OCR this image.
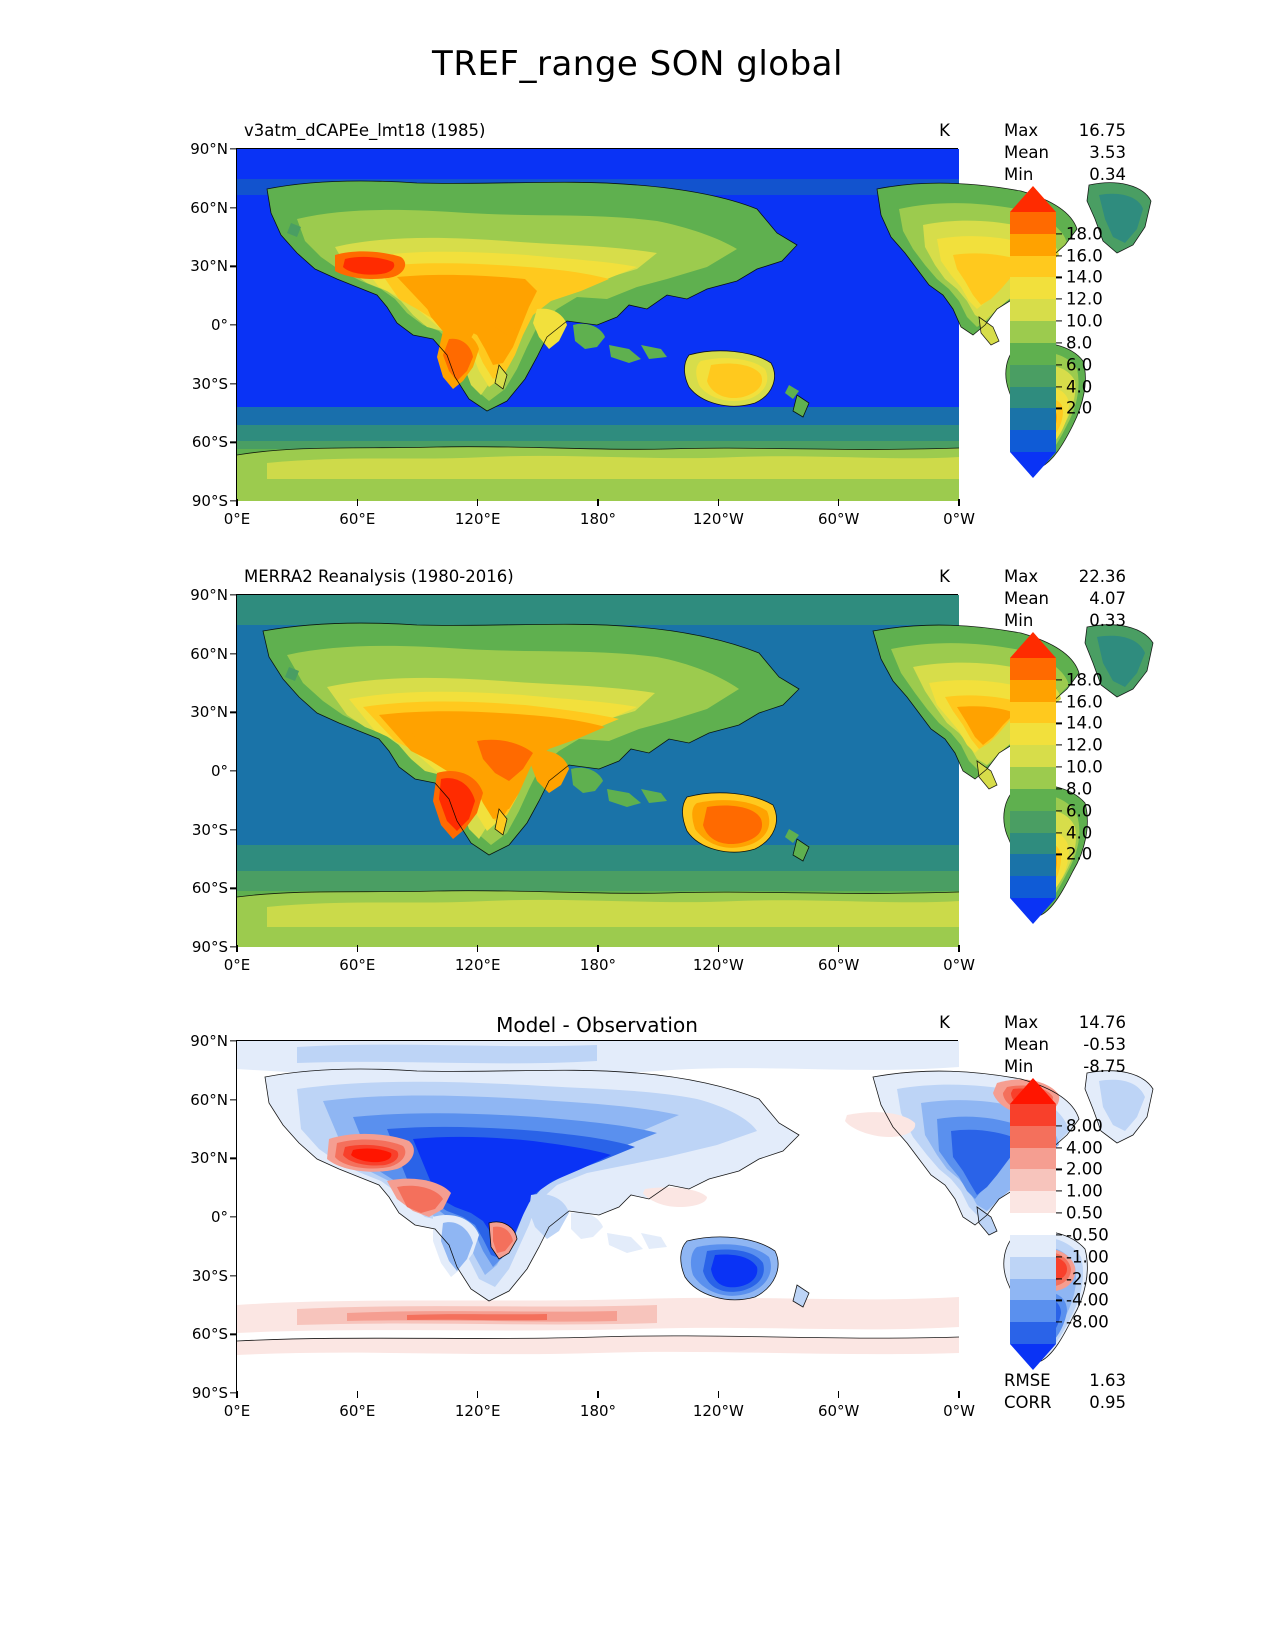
TREF_range SON global
v3atm_dCAPEe_lmt18 (1985)	K
90°N
60°N
30°N
0°
30°S
60°S
90°S
0°E	60°E	120°E	180°	120°W	60°W	0°W
MERRA2 Reanalysis (1980-2016)	K
90°N
60°N
30°N
0°
30°S
60°S
90°S
0°E	60°E	120°E	180°	120°W	60°W	0°W
Model - Observation	K
90°N
60°N
30°N
0°
30°S
60°S
90°S
0°E	60°E	120°E	180°	120°W	60°W	0°W
Max 16.75
Mean 3.53
Min	0.34
18.0
16.0
14.0
12.0
10.0
8.0
6.0
4.0
2.0
Max 22.36
Mean 4.07
Min	0.33
18.0
16.0
14.0
12.0
10.0
8.0
6.0
4.0
2.0
Max 14.76
Mean -0.53
Min	-8.75
8.00
4.00
2.00
1.00
0.50
-0.50
-1.00
-2.00
-4.00
-8.00
RMSE 1.63
CORR 0.95
